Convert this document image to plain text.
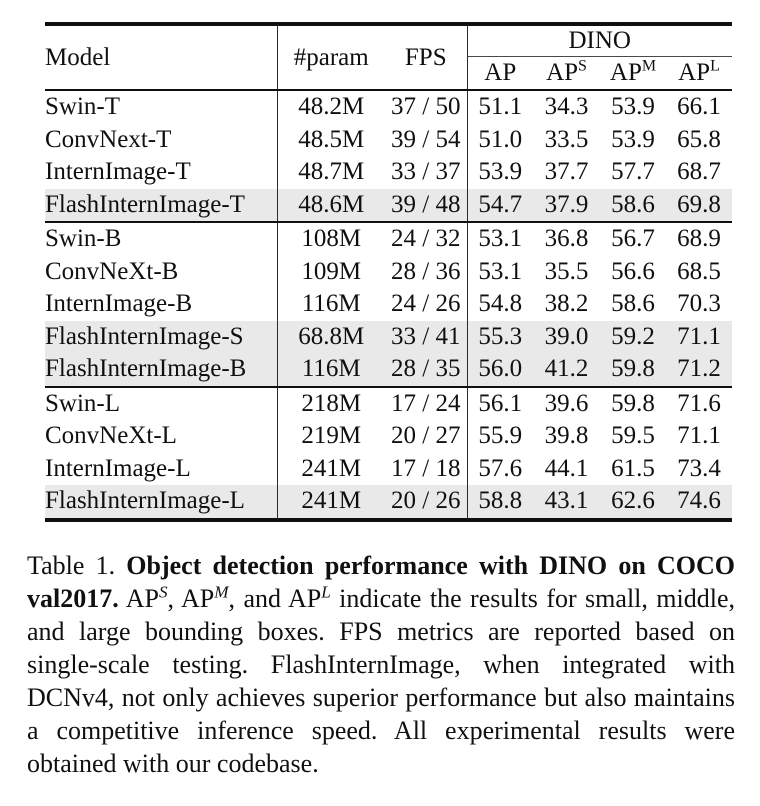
Model	#param	FPS	DINO			
			AP	$AP^S$	$AP^M$	$AP^L$
Swin-T	48.2M	37 / 50	51.1	34.3	53.9	66.1
ConvNext-T	48.5M	39 / 54	51.0	33.5	53.9	65.8
InternImage-T	48.7M	33 / 37	53.9	37.7	57.7	68.7
FlashInternImage-T	48.6M	39 / 48	54.7	37.9	58.6	69.8
Swin-B	108M	24 / 32	53.1	36.8	56.7	68.9
ConvNeXt-B	109M	28 / 36	53.1	35.5	56.6	68.5
InternImage-B	116M	24 / 26	54.8	38.2	58.6	70.3
FlashInternImage-S	68.8M	33 / 41	55.3	39.0	59.2	71.1
FlashInternImage-B	116M	28 / 35	56.0	41.2	59.8	71.2
Swin-L	218M	17 / 24	56.1	39.6	59.8	71.6
ConvNeXt-L	219M	20 / 27	55.9	39.8	59.5	71.1
InternImage-L	241M	17 / 18	57.6	44.1	61.5	73.4
FlashInternImage-L	241M	20 / 26	58.8	43.1	62.6	74.6

Table 1. Object detection performance with DINO on COCO val2017. $AP^S$, $AP^M$, and $AP^L$ indicate the results for small, middle, and large bounding boxes. FPS metrics are reported based on single-scale testing. FlashInternImage, when integrated with DCNv4, not only achieves superior performance but also maintains a competitive inference speed. All experimental results were obtained with our codebase.
